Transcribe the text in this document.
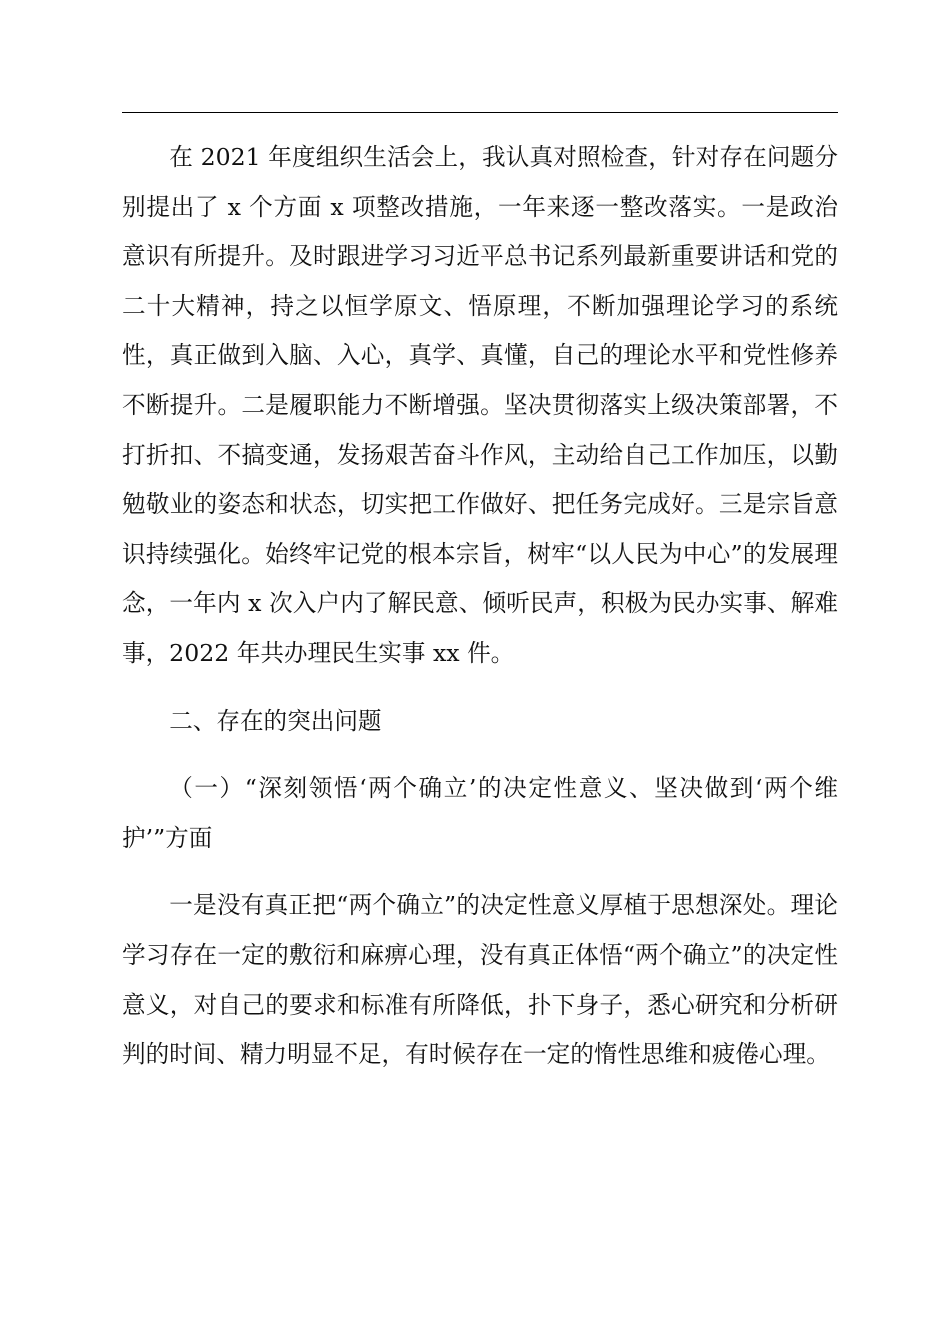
在 2021 年度组织生活会上，我认真对照检查，针对存在问题分别提出了 x 个方面 x 项整改措施，一年来逐一整改落实。一是政治意识有所提升。及时跟进学习习近平总书记系列最新重要讲话和党的二十大精神，持之以恒学原文、悟原理，不断加强理论学习的系统性，真正做到入脑、入心，真学、真懂，自己的理论水平和党性修养不断提升。二是履职能力不断增强。坚决贯彻落实上级决策部署，不打折扣、不搞变通，发扬艰苦奋斗作风，主动给自己工作加压，以勤勉敬业的姿态和状态，切实把工作做好、把任务完成好。三是宗旨意识持续强化。始终牢记党的根本宗旨，树牢“以人民为中心”的发展理念，一年内 x 次入户内了解民意、倾听民声，积极为民办实事、解难事，2022 年共办理民生实事 xx 件。

二、存在的突出问题

（一）“深刻领悟‘两个确立’的决定性意义、坚决做到‘两个维护’”方面

一是没有真正把“两个确立”的决定性意义厚植于思想深处。理论学习存在一定的敷衍和麻痹心理，没有真正体悟“两个确立”的决定性意义，对自己的要求和标准有所降低，扑下身子，悉心研究和分析研判的时间、精力明显不足，有时候存在一定的惰性思维和疲倦心理。
